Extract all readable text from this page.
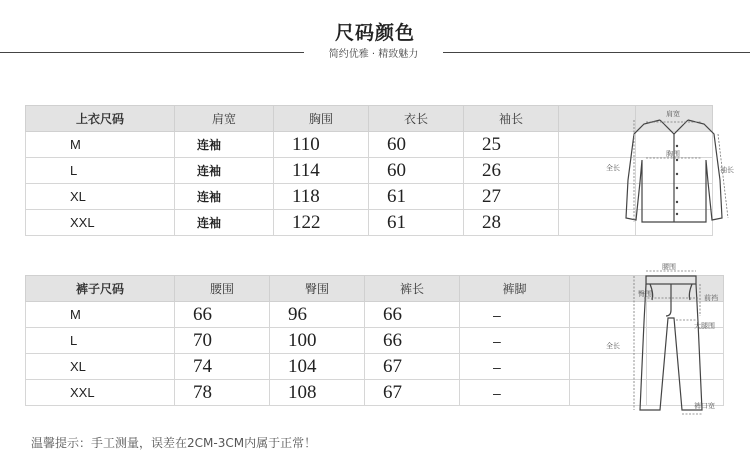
尺码颜色
简约优雅 · 精致魅力
上衣尺码	肩宽	胸围	衣长	袖长		
M	连袖	110	60	25		
L	连袖	114	60	26		
XL	连袖	118	61	27		
XXL	连袖	122	61	28		
肩宽
胸围
全长	袖长
裤子尺码	腰围	臀围	裤长	裤脚		
M	66	96	66	–		
L	70	100	66	–		
XL	74	104	67	–		
XXL	78	108	67	–		
腰围
臀围	前裆
大腿围
全长
裤口宽
温馨提示：手工测量，误差在2CM-3CM内属于正常！
